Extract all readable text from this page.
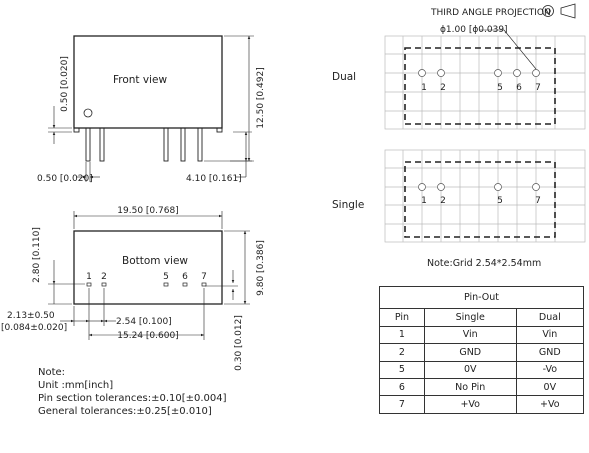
THIRD ANGLE PROJECTION
Front view	12.50 [0.492]
0.50 [0.020]
0.50 [0.020]	4.10 [0.161]
Bottom view
1 2	5 6 7
19.50 [0.768]
9.80 [0.386]
2.80 [0.110]
2.13±0.50
[0.084±0.020]
2.54 [0.100]
15.24 [0.600]	0.30 [0.012]
Dual
ϕ1.00 [ϕ0.039]
1 2	5 6 7
Single	1 2	5	7
Note:Grid 2.54*2.54mm
Note:
Unit :mm[inch]
Pin section tolerances:±0.10[±0.004]
General tolerances:±0.25[±0.010]
Pin-Out		
Pin	Single	Dual
1	Vin	Vin
2	GND	GND
5	0V	-Vo
6	No Pin	0V
7	+Vo	+Vo
